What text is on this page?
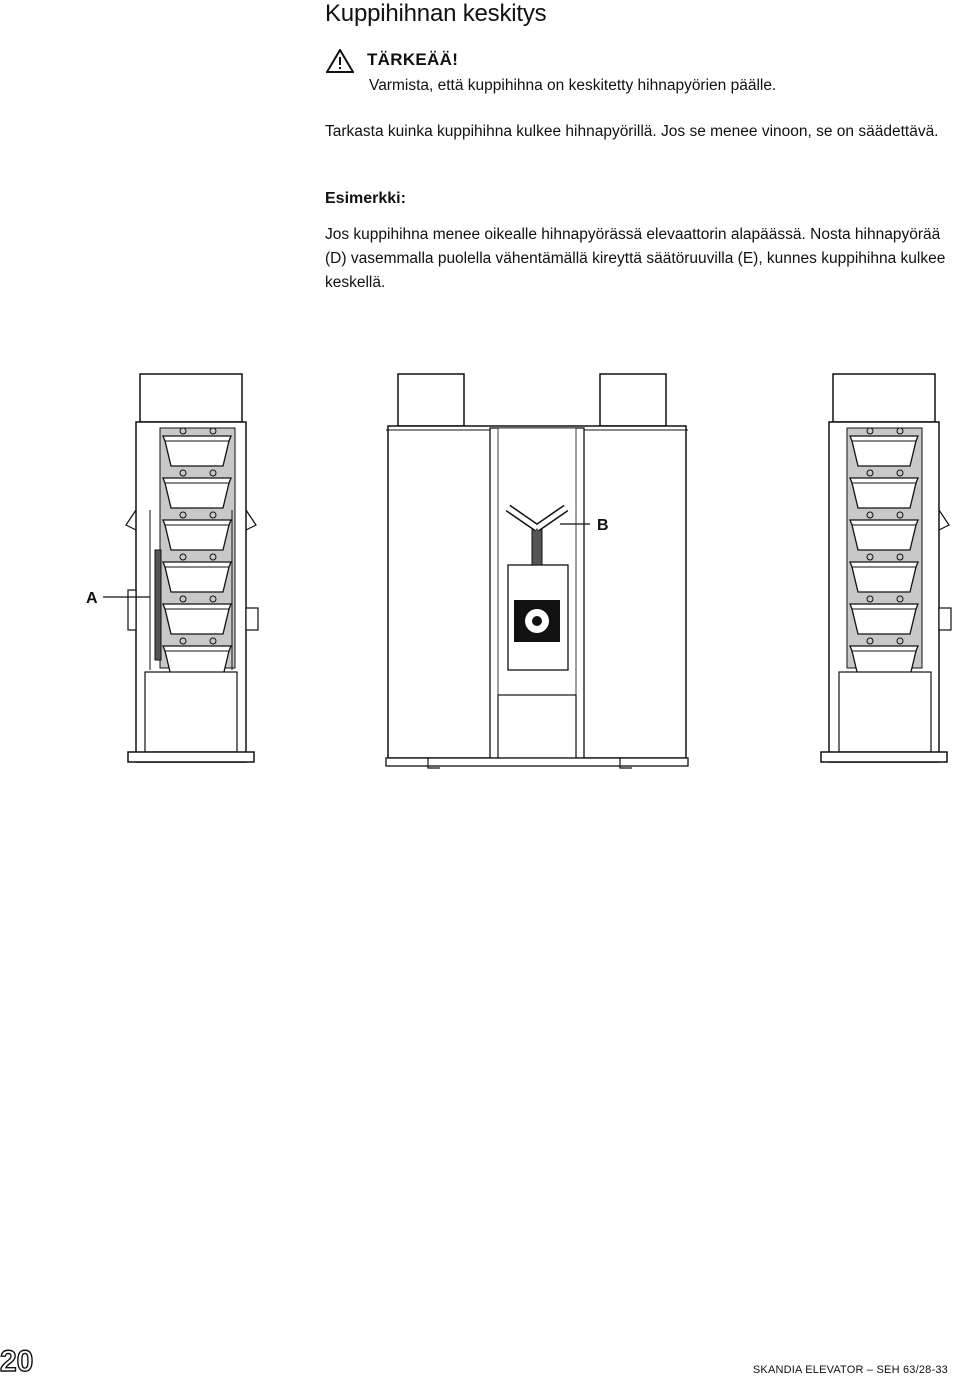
Kuppihihnan keskitys
TÄRKEÄÄ!
Varmista, että kuppihihna on keskitetty hihnapyörien päälle.
Tarkasta kuinka kuppihihna kulkee hihnapyörillä. Jos se menee vinoon, se on säädettävä.
Esimerkki:
Jos kuppihihna menee oikealle hihnapyörässä elevaattorin alapäässä. Nosta hihnapyörää (D) vasemmalla puolella vähentämällä kireyttä säätöruuvilla (E), kunnes kuppihihna kulkee keskellä.
A
B
20	SKANDIA ELEVATOR – SEH 63/28-33
